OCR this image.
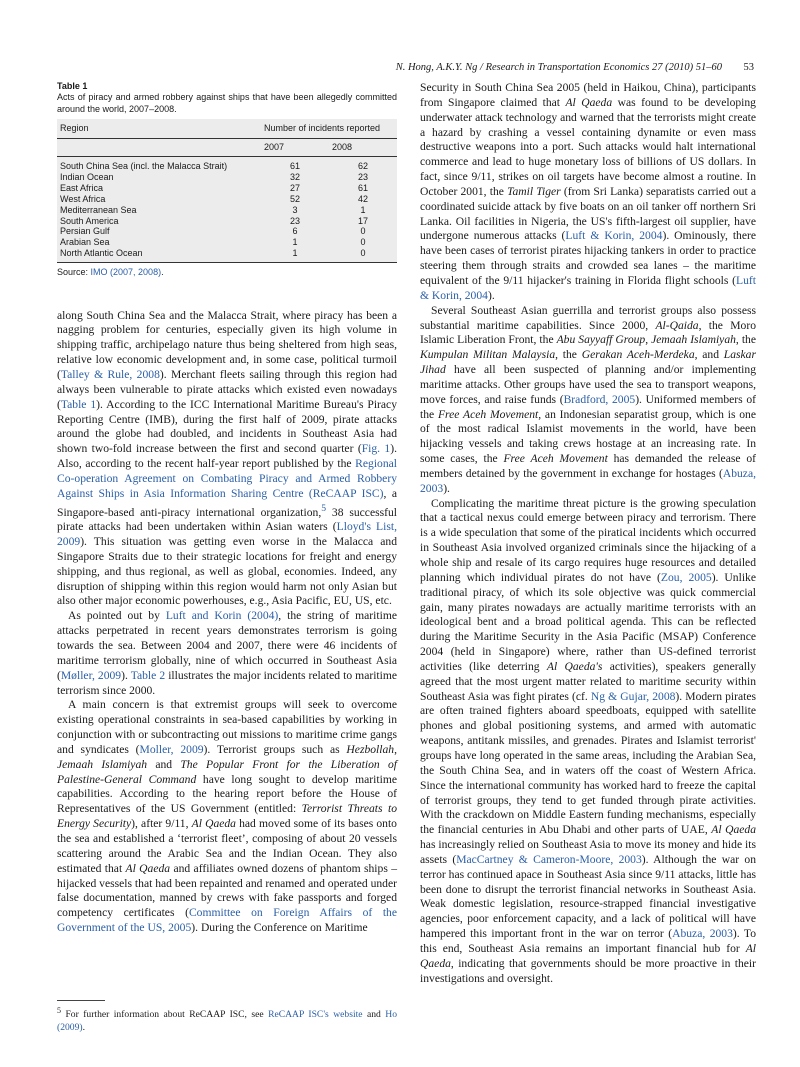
N. Hong, A.K.Y. Ng / Research in Transportation Economics 27 (2010) 51–60 53
Table 1
Acts of piracy and armed robbery against ships that have been allegedly committed around the world, 2007–2008.
Region	Number of incidents reported	
	2007	2008
South China Sea (incl. the Malacca Strait)	61	62
Indian Ocean	32	23
East Africa	27	61
West Africa	52	42
Mediterranean Sea	3	1
South America	23	17
Persian Gulf	6	0
Arabian Sea	1	0
North Atlantic Ocean	1	0
Source: IMO (2007, 2008).

along South China Sea and the Malacca Strait, where piracy has been a nagging problem for centuries, especially given its high volume in shipping traffic, archipelago nature thus being sheltered from high seas, relative low economic development and, in some case, political turmoil (Talley & Rule, 2008). Merchant fleets sailing through this region had always been vulnerable to pirate attacks which existed even nowadays (Table 1). According to the ICC International Maritime Bureau's Piracy Reporting Centre (IMB), during the first half of 2009, pirate attacks around the globe had doubled, and incidents in Southeast Asia had shown two-fold increase between the first and second quarter (Fig. 1). Also, according to the recent half-year report published by the Regional Co-operation Agreement on Combating Piracy and Armed Robbery Against Ships in Asia Information Sharing Centre (ReCAAP ISC), a Singapore-based anti-piracy international organization,$^5$ 38 successful pirate attacks had been undertaken within Asian waters (Lloyd's List, 2009). This situation was getting even worse in the Malacca and Singapore Straits due to their strategic locations for freight and energy shipping, and thus regional, as well as global, economies. Indeed, any disruption of shipping within this region would harm not only Asian but also other major economic powerhouses, e.g., Asia Pacific, EU, US, etc.

As pointed out by Luft and Korin (2004), the string of maritime attacks perpetrated in recent years demonstrates terrorism is going towards the sea. Between 2004 and 2007, there were 46 incidents of maritime terrorism globally, nine of which occurred in Southeast Asia (Møller, 2009). Table 2 illustrates the major incidents related to maritime terrorism since 2000.

A main concern is that extremist groups will seek to overcome existing operational constraints in sea-based capabilities by working in conjunction with or subcontracting out missions to maritime crime gangs and syndicates (Moller, 2009). Terrorist groups such as Hezbollah, Jemaah Islamiyah and The Popular Front for the Liberation of Palestine-General Command have long sought to develop maritime capabilities. According to the hearing report before the House of Representatives of the US Government (entitled: Terrorist Threats to Energy Security), after 9/11, Al Qaeda had moved some of its bases onto the sea and established a ‘terrorist fleet’, composing of about 20 vessels scattering around the Arabic Sea and the Indian Ocean. They also estimated that Al Qaeda and affiliates owned dozens of phantom ships – hijacked vessels that had been repainted and renamed and operated under false documentation, manned by crews with fake passports and forged competency certificates (Committee on Foreign Affairs of the Government of the US, 2005). During the Conference on Maritime

Security in South China Sea 2005 (held in Haikou, China), participants from Singapore claimed that Al Qaeda was found to be developing underwater attack technology and warned that the terrorists might create a hazard by crashing a vessel containing dynamite or even mass destructive weapons into a port. Such attacks would halt international commerce and lead to huge monetary loss of billions of US dollars. In fact, since 9/11, strikes on oil targets have become almost a routine. In October 2001, the Tamil Tiger (from Sri Lanka) separatists carried out a coordinated suicide attack by five boats on an oil tanker off northern Sri Lanka. Oil facilities in Nigeria, the US's fifth-largest oil supplier, have undergone numerous attacks (Luft & Korin, 2004). Ominously, there have been cases of terrorist pirates hijacking tankers in order to practice steering them through straits and crowded sea lanes – the maritime equivalent of the 9/11 hijacker's training in Florida flight schools (Luft & Korin, 2004).

Several Southeast Asian guerrilla and terrorist groups also possess substantial maritime capabilities. Since 2000, Al-Qaida, the Moro Islamic Liberation Front, the Abu Sayyaff Group, Jemaah Islamiyah, the Kumpulan Militan Malaysia, the Gerakan Aceh-Merdeka, and Laskar Jihad have all been suspected of planning and/or implementing maritime attacks. Other groups have used the sea to transport weapons, move forces, and raise funds (Bradford, 2005). Uniformed members of the Free Aceh Movement, an Indonesian separatist group, which is one of the most radical Islamist movements in the world, have been hijacking vessels and taking crews hostage at an increasing rate. In some cases, the Free Aceh Movement has demanded the release of members detained by the government in exchange for hostages (Abuza, 2003).

Complicating the maritime threat picture is the growing speculation that a tactical nexus could emerge between piracy and terrorism. There is a wide speculation that some of the piratical incidents which occurred in Southeast Asia involved organized criminals since the hijacking of a whole ship and resale of its cargo requires huge resources and detailed planning which individual pirates do not have (Zou, 2005). Unlike traditional piracy, of which its sole objective was quick commercial gain, many pirates nowadays are actually maritime terrorists with an ideological bent and a broad political agenda. This can be reflected during the Maritime Security in the Asia Pacific (MSAP) Conference 2004 (held in Singapore) where, rather than US-defined terrorist activities (like deterring Al Qaeda's activities), speakers generally agreed that the most urgent matter related to maritime security within Southeast Asia was fight pirates (cf. Ng & Gujar, 2008). Modern pirates are often trained fighters aboard speedboats, equipped with satellite phones and global positioning systems, and armed with automatic weapons, antitank missiles, and grenades. Pirates and Islamist terrorist' groups have long operated in the same areas, including the Arabian Sea, the South China Sea, and in waters off the coast of Western Africa. Since the international community has worked hard to freeze the capital of terrorist groups, they tend to get funded through pirate activities. With the crackdown on Middle Eastern funding mechanisms, especially the financial centuries in Abu Dhabi and other parts of UAE, Al Qaeda has increasingly relied on Southeast Asia to move its money and hide its assets (MacCartney & Cameron-Moore, 2003). Although the war on terror has continued apace in Southeast Asia since 9/11 attacks, little has been done to disrupt the terrorist financial networks in Southeast Asia. Weak domestic legislation, resource-strapped financial investigative agencies, poor enforcement capacity, and a lack of political will have hampered this important front in the war on terror (Abuza, 2003). To this end, Southeast Asia remains an important financial hub for Al Qaeda, indicating that governments should be more proactive in their investigations and oversight.

$^5$ For further information about ReCAAP ISC, see ReCAAP ISC's website and Ho (2009).
